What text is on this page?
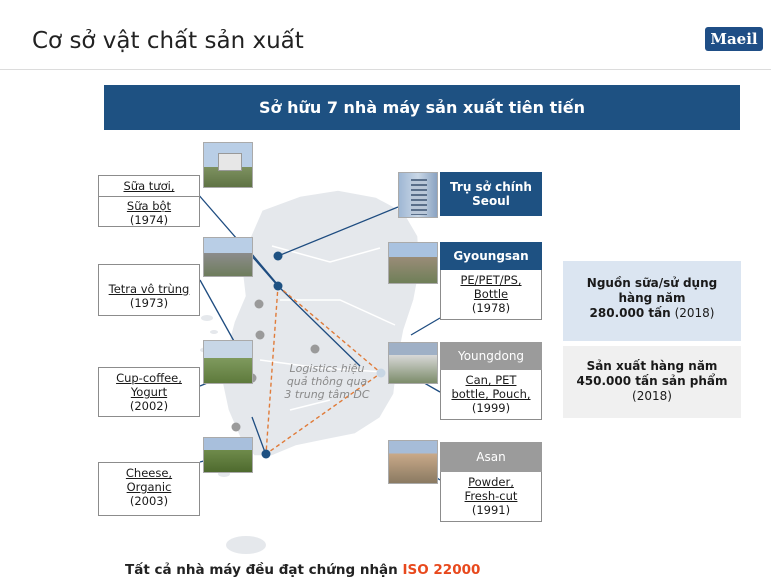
Cơ sở vật chất sản xuất	Maeil
Sở hữu 7 nhà máy sản xuất tiên tiến
Sữa tươi,
Sữa bột
(1974)
Tetra vô trùng
(1973)
Cup-coffee,
Yogurt
(2002)
Cheese,
Organic
(2003)
Trụ sở chính
Seoul
Gyoungsan
PE/PET/PS,
Bottle
(1978)
Youngdong
Can, PET
bottle, Pouch,
(1999)
Asan
Powder,
Fresh-cut
(1991)
Logistics hiệu quả thông qua 3 trung tâm DC
Nguồn sữa/sử dụng hàng năm
280.000 tấn (2018)
Sản xuất hàng năm
450.000 tấn sản phẩm
(2018)
Tất cả nhà máy đều đạt chứng nhận ISO 22000
